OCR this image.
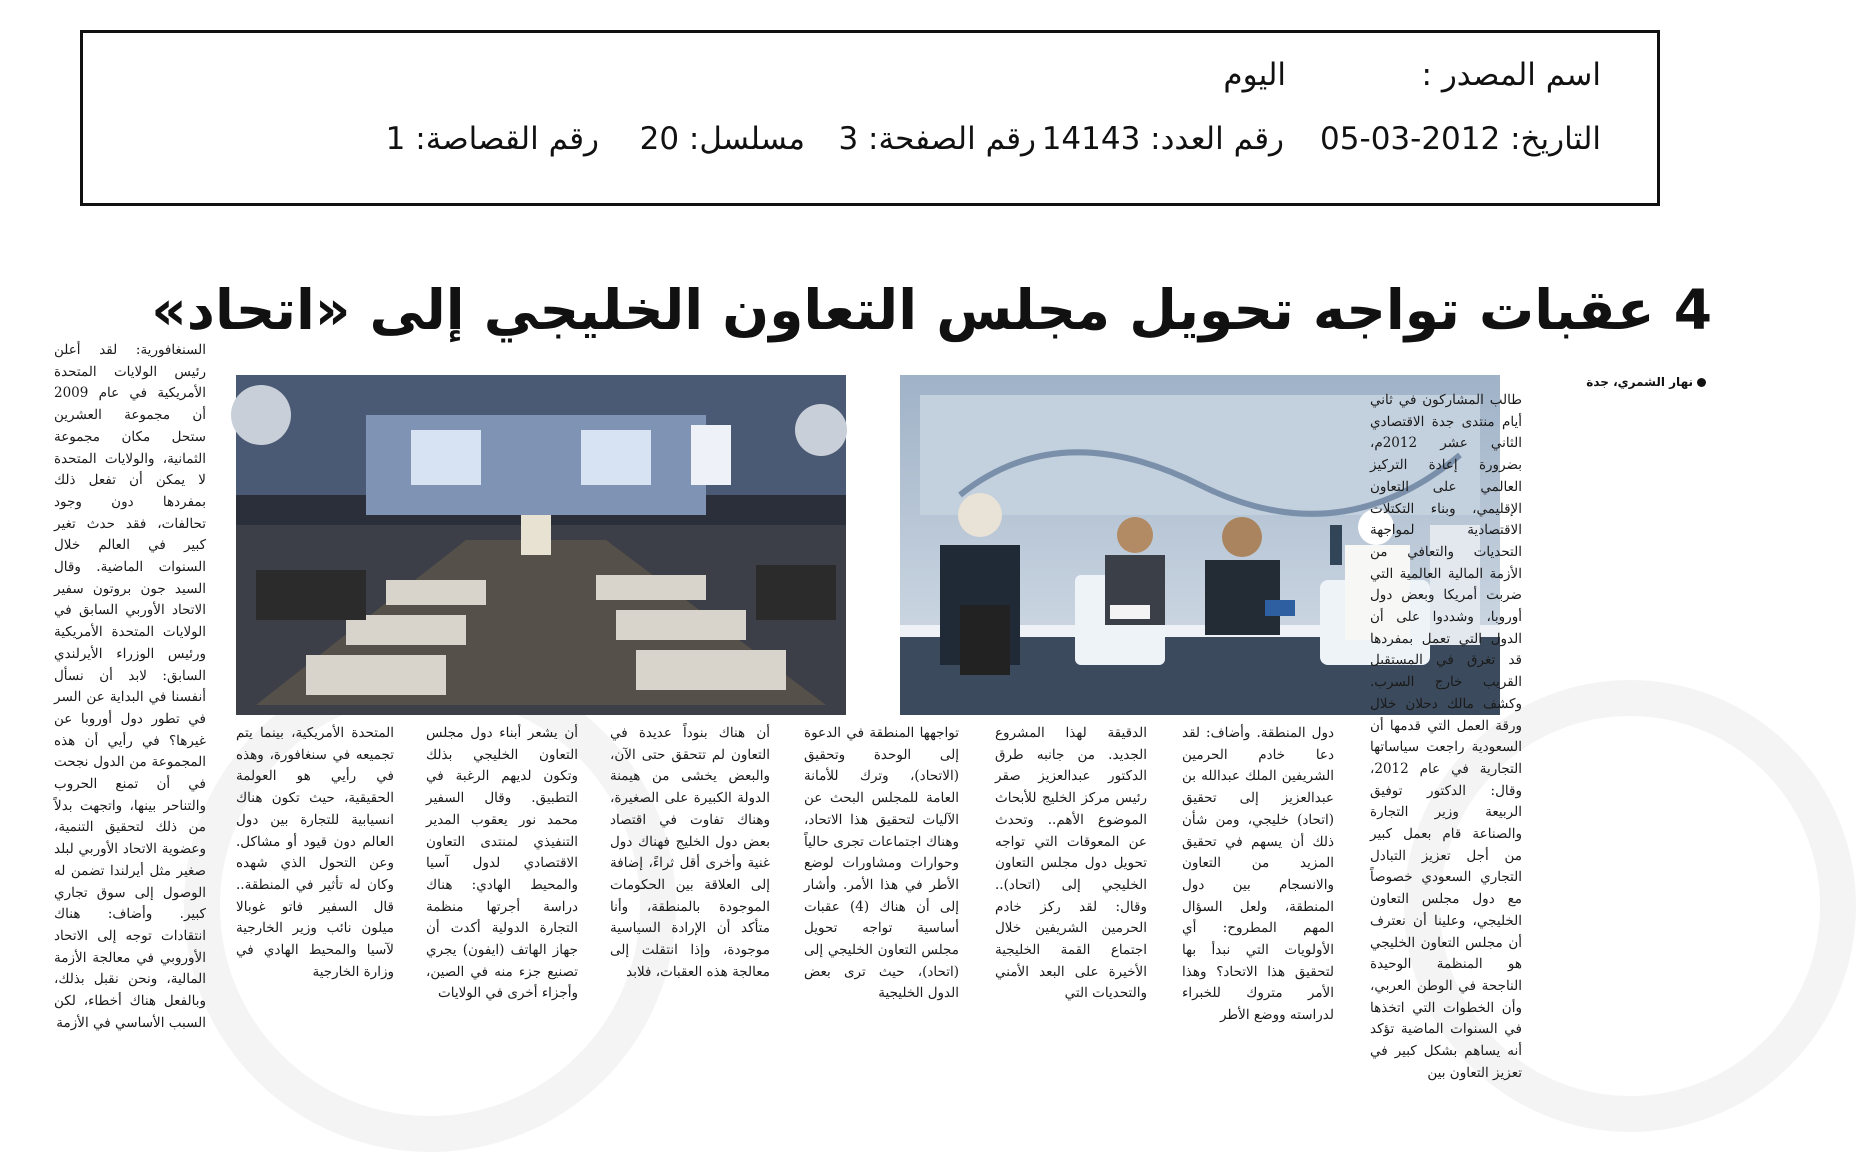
اسم المصدر :
اليوم
التاريخ: 2012-03-05
رقم العدد: 14143
رقم الصفحة: 3
مسلسل: 20
رقم القصاصة: 1
4 عقبات تواجه تحويل مجلس التعاون الخليجي إلى «اتحاد»
نهار الشمري، جدة

طالب المشاركون في ثاني أيام منتدى جدة الاقتصادي الثاني عشر 2012م، بضرورة إعادة التركيز العالمي على التعاون الإقليمي، وبناء التكتلات الاقتصادية لمواجهة التحديات والتعافي من الأزمة المالية العالمية التي ضربت أمريكا وبعض دول أوروبا، وشددوا على أن الدول التي تعمل بمفردها قد تغرق في المستقبل القريب خارج السرب. وكشف مالك دحلان خلال ورقة العمل التي قدمها أن السعودية راجعت سياساتها التجارية في عام 2012، وقال: الدكتور توفيق الربيعة وزير التجارة والصناعة قام بعمل كبير من أجل تعزيز التبادل التجاري السعودي خصوصاً مع دول مجلس التعاون الخليجي، وعلينا أن نعترف أن مجلس التعاون الخليجي هو المنظمة الوحيدة الناجحة في الوطن العربي، وأن الخطوات التي اتخذها في السنوات الماضية تؤكد أنه يساهم بشكل كبير في تعزيز التعاون بين

دول المنطقة. وأضاف: لقد دعا خادم الحرمين الشريفين الملك عبدالله بن عبدالعزيز إلى تحقيق (اتحاد) خليجي، ومن شأن ذلك أن يسهم في تحقيق المزيد من التعاون والانسجام بين دول المنطقة، ولعل السؤال المهم المطروح: أي الأولويات التي نبدأ بها لتحقيق هذا الاتحاد؟ وهذا الأمر متروك للخبراء لدراسته ووضع الأطر

الدقيقة لهذا المشروع الجديد. من جانبه طرق الدكتور عبدالعزيز صقر رئيس مركز الخليج للأبحاث الموضوع الأهم.. وتحدث عن المعوقات التي تواجه تحويل دول مجلس التعاون الخليجي إلى (اتحاد).. وقال: لقد ركز خادم الحرمين الشريفين خلال اجتماع القمة الخليجية الأخيرة على البعد الأمني والتحديات التي

تواجهها المنطقة في الدعوة إلى الوحدة وتحقيق (الاتحاد)، وترك للأمانة العامة للمجلس البحث عن الآليات لتحقيق هذا الاتحاد، وهناك اجتماعات تجرى حالياً وحوارات ومشاورات لوضع الأطر في هذا الأمر. وأشار إلى أن هناك (4) عقبات أساسية تواجه تحويل مجلس التعاون الخليجي إلى (اتحاد)، حيث ترى بعض الدول الخليجية

أن هناك بنوداً عديدة في التعاون لم تتحقق حتى الآن، والبعض يخشى من هيمنة الدولة الكبيرة على الصغيرة، وهناك تفاوت في اقتصاد بعض دول الخليج فهناك دول غنية وأخرى أقل ثراءً، إضافة إلى العلاقة بين الحكومات الموجودة بالمنطقة، وأنا متأكد أن الإرادة السياسية موجودة، وإذا انتقلت إلى معالجة هذه العقبات، فلابد

أن يشعر أبناء دول مجلس التعاون الخليجي بذلك وتكون لديهم الرغبة في التطبيق. وقال السفير محمد نور يعقوب المدير التنفيذي لمنتدى التعاون الاقتصادي لدول آسيا والمحيط الهادي: هناك دراسة أجرتها منظمة التجارة الدولية أكدت أن جهاز الهاتف (ايفون) يجري تصنيع جزء منه في الصين، وأجزاء أخرى في الولايات

المتحدة الأمريكية، بينما يتم تجميعه في سنغافورة، وهذه في رأيي هو العولمة الحقيقية، حيث تكون هناك انسيابية للتجارة بين دول العالم دون قيود أو مشاكل. وعن التحول الذي شهده وكان له تأثير في المنطقة.. قال السفير فاتو غوبالا ميلون نائب وزير الخارجية لآسيا والمحيط الهادي في وزارة الخارجية

السنغافورية: لقد أعلن رئيس الولايات المتحدة الأمريكية في عام 2009 أن مجموعة العشرين ستحل مكان مجموعة الثمانية، والولايات المتحدة لا يمكن أن تفعل ذلك بمفردها دون وجود تحالفات، فقد حدث تغير كبير في العالم خلال السنوات الماضية. وقال السيد جون بروتون سفير الاتحاد الأوربي السابق في الولايات المتحدة الأمريكية ورئيس الوزراء الأيرلندي السابق: لابد أن نسأل أنفسنا في البداية عن السر في تطور دول أوروبا عن غيرها؟ في رأيي أن هذه المجموعة من الدول نجحت في أن تمنع الحروب والتناحر بينها، واتجهت بدلاً من ذلك لتحقيق التنمية، وعضوية الاتحاد الأوربي لبلد صغير مثل أيرلندا تضمن له الوصول إلى سوق تجاري كبير. وأضاف: هناك انتقادات توجه إلى الاتحاد الأوروبي في معالجة الأزمة المالية، ونحن نقبل بذلك، وبالفعل هناك أخطاء، لكن السبب الأساسي في الأزمة
